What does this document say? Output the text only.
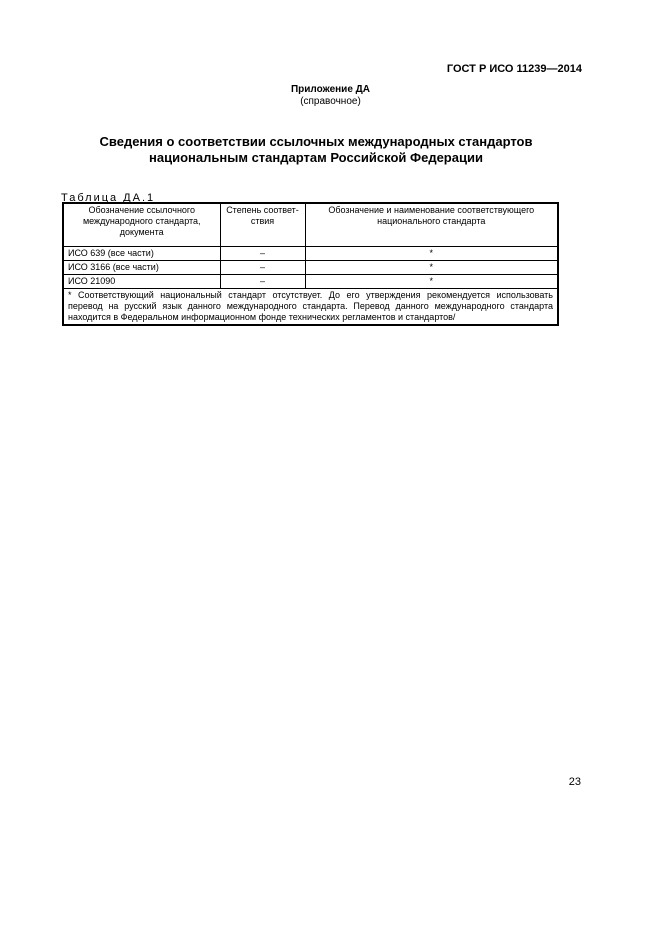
ГОСТ Р ИСО 11239—2014
Приложение ДА
(справочное)
Сведения о соответствии ссылочных международных стандартов
национальным стандартам Российской Федерации
Таблица ДА.1
Обозначение ссылочного международного стандарта, документа	Степень соответ-ствия	Обозначение и наименование соответствующего национального стандарта
ИСО 639 (все части)	–	*
ИСО 3166 (все части)	–	*
ИСО 21090	–	*
* Соответствующий национальный стандарт отсутствует. До его утверждения рекомендуется использовать перевод на русский язык данного международного стандарта. Перевод данного международного стандарта находится в Федеральном информационном фонде технических регламентов и стандартов/		
23
